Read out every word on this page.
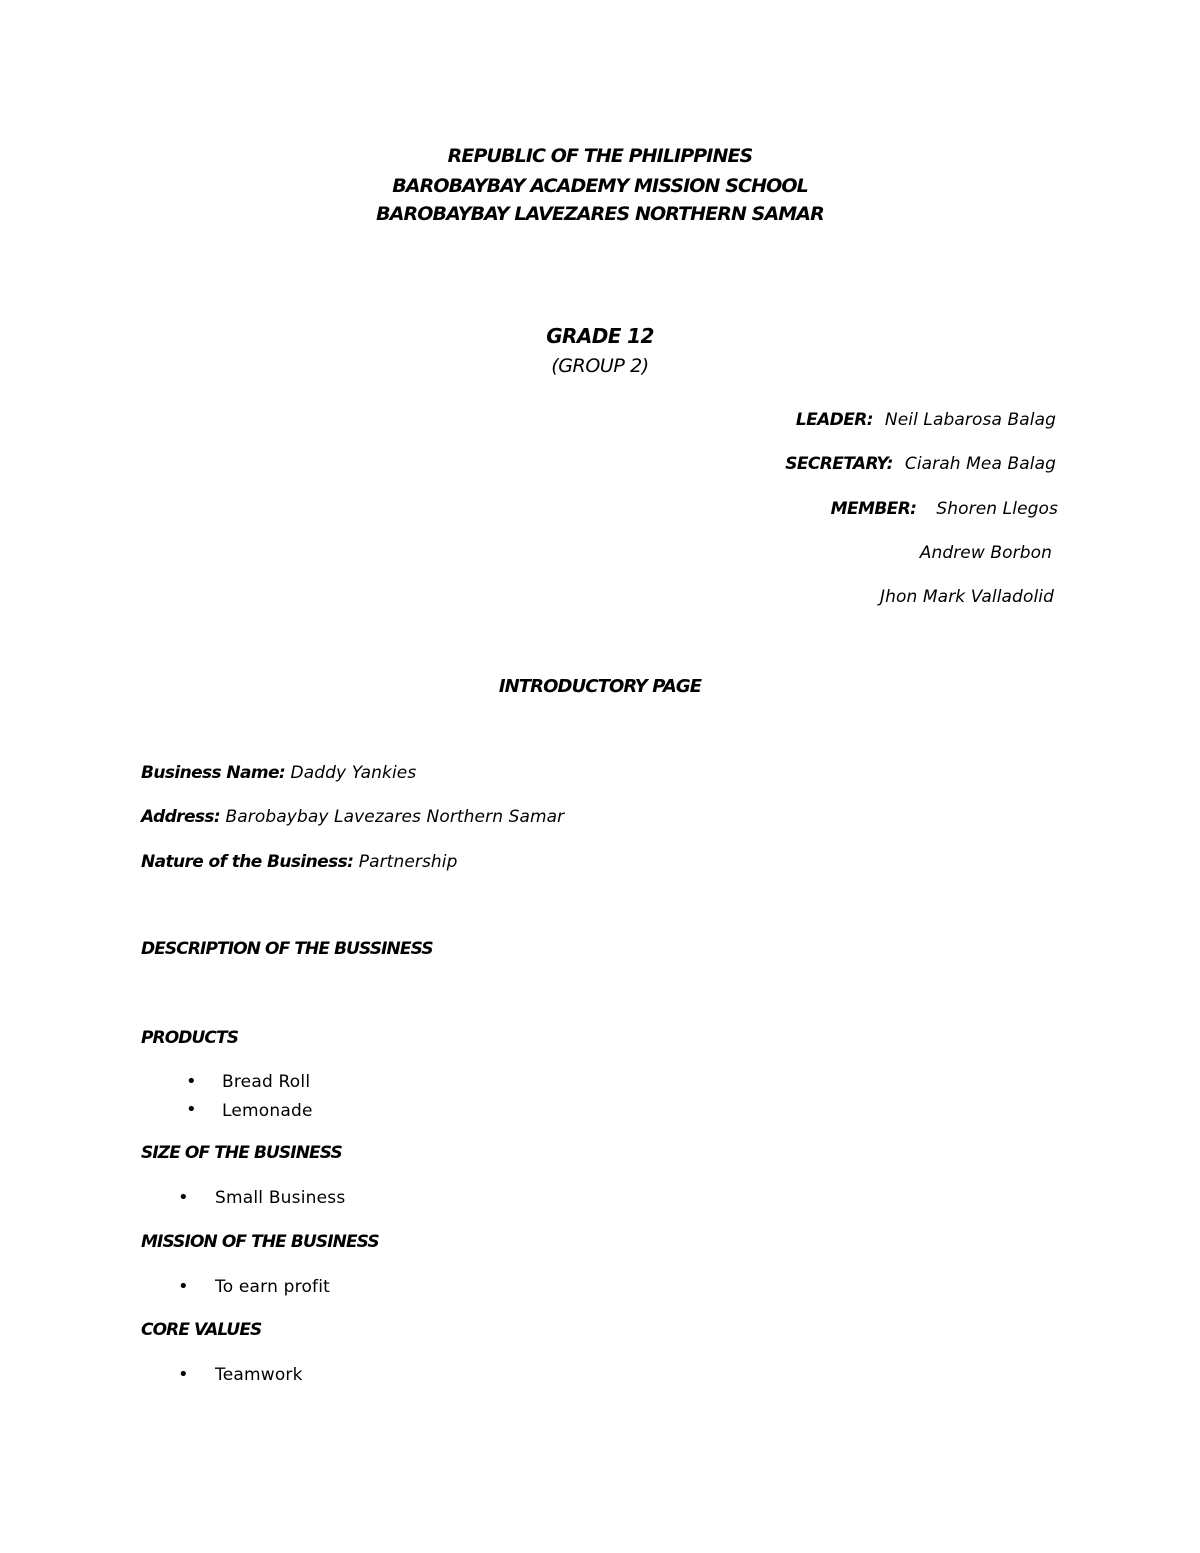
REPUBLIC OF THE PHILIPPINES
BAROBAYBAY ACADEMY MISSION SCHOOL
BAROBAYBAY LAVEZARES NORTHERN SAMAR
GRADE 12
(GROUP 2)
LEADER: Neil Labarosa Balag
SECRETARY: Ciarah Mea Balag
MEMBER: Shoren Llegos
Andrew Borbon
Jhon Mark Valladolid
INTRODUCTORY PAGE
Business Name: Daddy Yankies
Address: Barobaybay Lavezares Northern Samar
Nature of the Business: Partnership
DESCRIPTION OF THE BUSSINESS
PRODUCTS
• Bread Roll
• Lemonade
SIZE OF THE BUSINESS
• Small Business
MISSION OF THE BUSINESS
• To earn profit
CORE VALUES
• Teamwork
